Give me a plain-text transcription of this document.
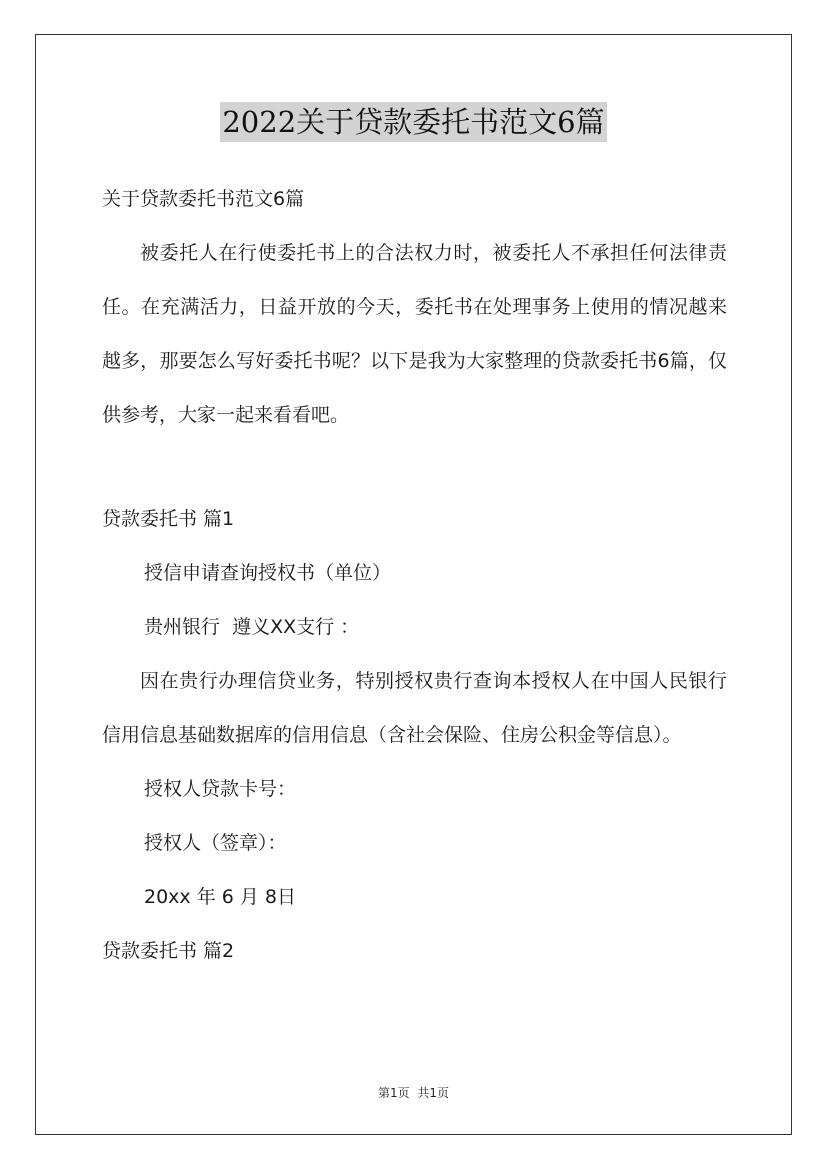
2022关于贷款委托书范文6篇

关于贷款委托书范文6篇

被委托人在行使委托书上的合法权力时，被委托人不承担任何法律责任。在充满活力，日益开放的今天，委托书在处理事务上使用的情况越来越多，那要怎么写好委托书呢？以下是我为大家整理的贷款委托书6篇，仅供参考，大家一起来看看吧。

贷款委托书 篇1

授信申请查询授权书（单位）

贵州银行  遵义XX支行 ：

因在贵行办理信贷业务，特别授权贵行查询本授权人在中国人民银行信用信息基础数据库的信用信息（含社会保险、住房公积金等信息）。

授权人贷款卡号：

授权人（签章）：

20xx 年 6 月 8日

贷款委托书 篇2

第1页 共1页
